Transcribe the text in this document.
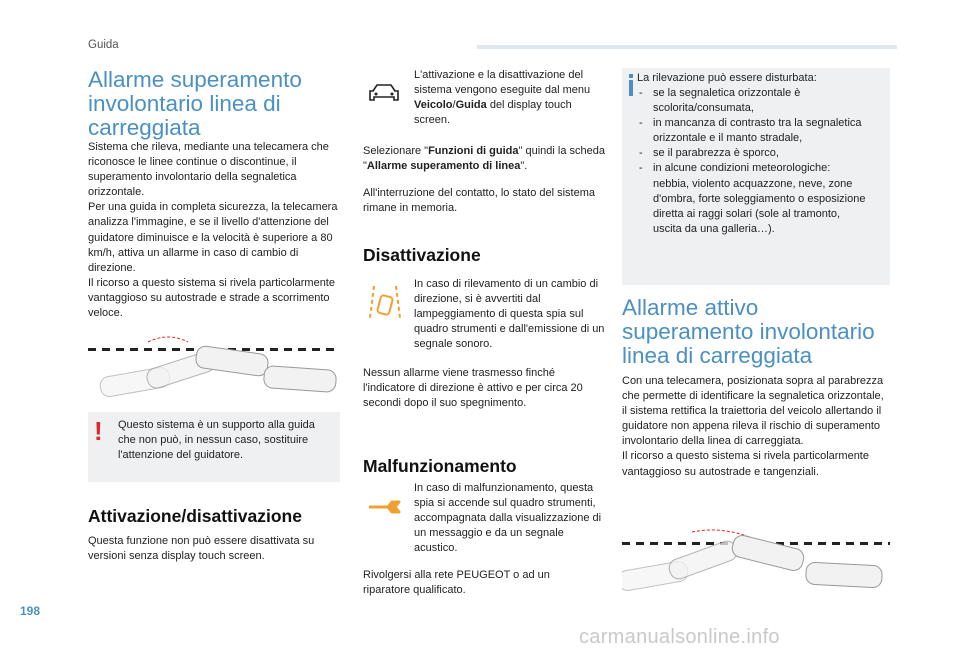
Guida
Allarme superamento involontario linea di carreggiata

Sistema che rileva, mediante una telecamera che riconosce le linee continue o discontinue, il superamento involontario della segnaletica orizzontale.
Per una guida in completa sicurezza, la telecamera analizza l'immagine, e se il livello d'attenzione del guidatore diminuisce e la velocità è superiore a 80 km/h, attiva un allarme in caso di cambio di direzione.
Il ricorso a questo sistema si rivela particolarmente vantaggioso su autostrade e strade a scorrimento veloce.

!	Questo sistema è un supporto alla guida che non può, in nessun caso, sostituire l'attenzione del guidatore.

Attivazione/disattivazione

Questa funzione non può essere disattivata su versioni senza display touch screen.

L'attivazione e la disattivazione del sistema vengono eseguite dal menu Veicolo/Guida del display touch screen.

Selezionare "Funzioni di guida" quindi la scheda "Allarme superamento di linea".

All'interruzione del contatto, lo stato del sistema rimane in memoria.

Disattivazione

In caso di rilevamento di un cambio di direzione, si è avvertiti dal lampeggiamento di questa spia sul quadro strumenti e dall'emissione di un segnale sonoro.

Nessun allarme viene trasmesso finché l'indicatore di direzione è attivo e per circa 20 secondi dopo il suo spegnimento.

Malfunzionamento

In caso di malfunzionamento, questa spia si accende sul quadro strumenti, accompagnata dalla visualizzazione di un messaggio e da un segnale acustico.

Rivolgersi alla rete PEUGEOT o ad un riparatore qualificato.

La rilevazione può essere disturbata:

- se la segnaletica orizzontale è scolorita/consumata,
- in mancanza di contrasto tra la segnaletica orizzontale e il manto stradale,
- se il parabrezza è sporco,
- in alcune condizioni meteorologiche: nebbia, violento acquazzone, neve, zone d'ombra, forte soleggiamento o esposizione diretta ai raggi solari (sole al tramonto, uscita da una galleria…).
Allarme attivo superamento involontario linea di carreggiata

Con una telecamera, posizionata sopra al parabrezza che permette di identificare la segnaletica orizzontale, il sistema rettifica la traiettoria del veicolo allertando il guidatore non appena rileva il rischio di superamento involontario della linea di carreggiata.
Il ricorso a questo sistema si rivela particolarmente vantaggioso su autostrade e tangenziali.

198
carmanualsonline.info
